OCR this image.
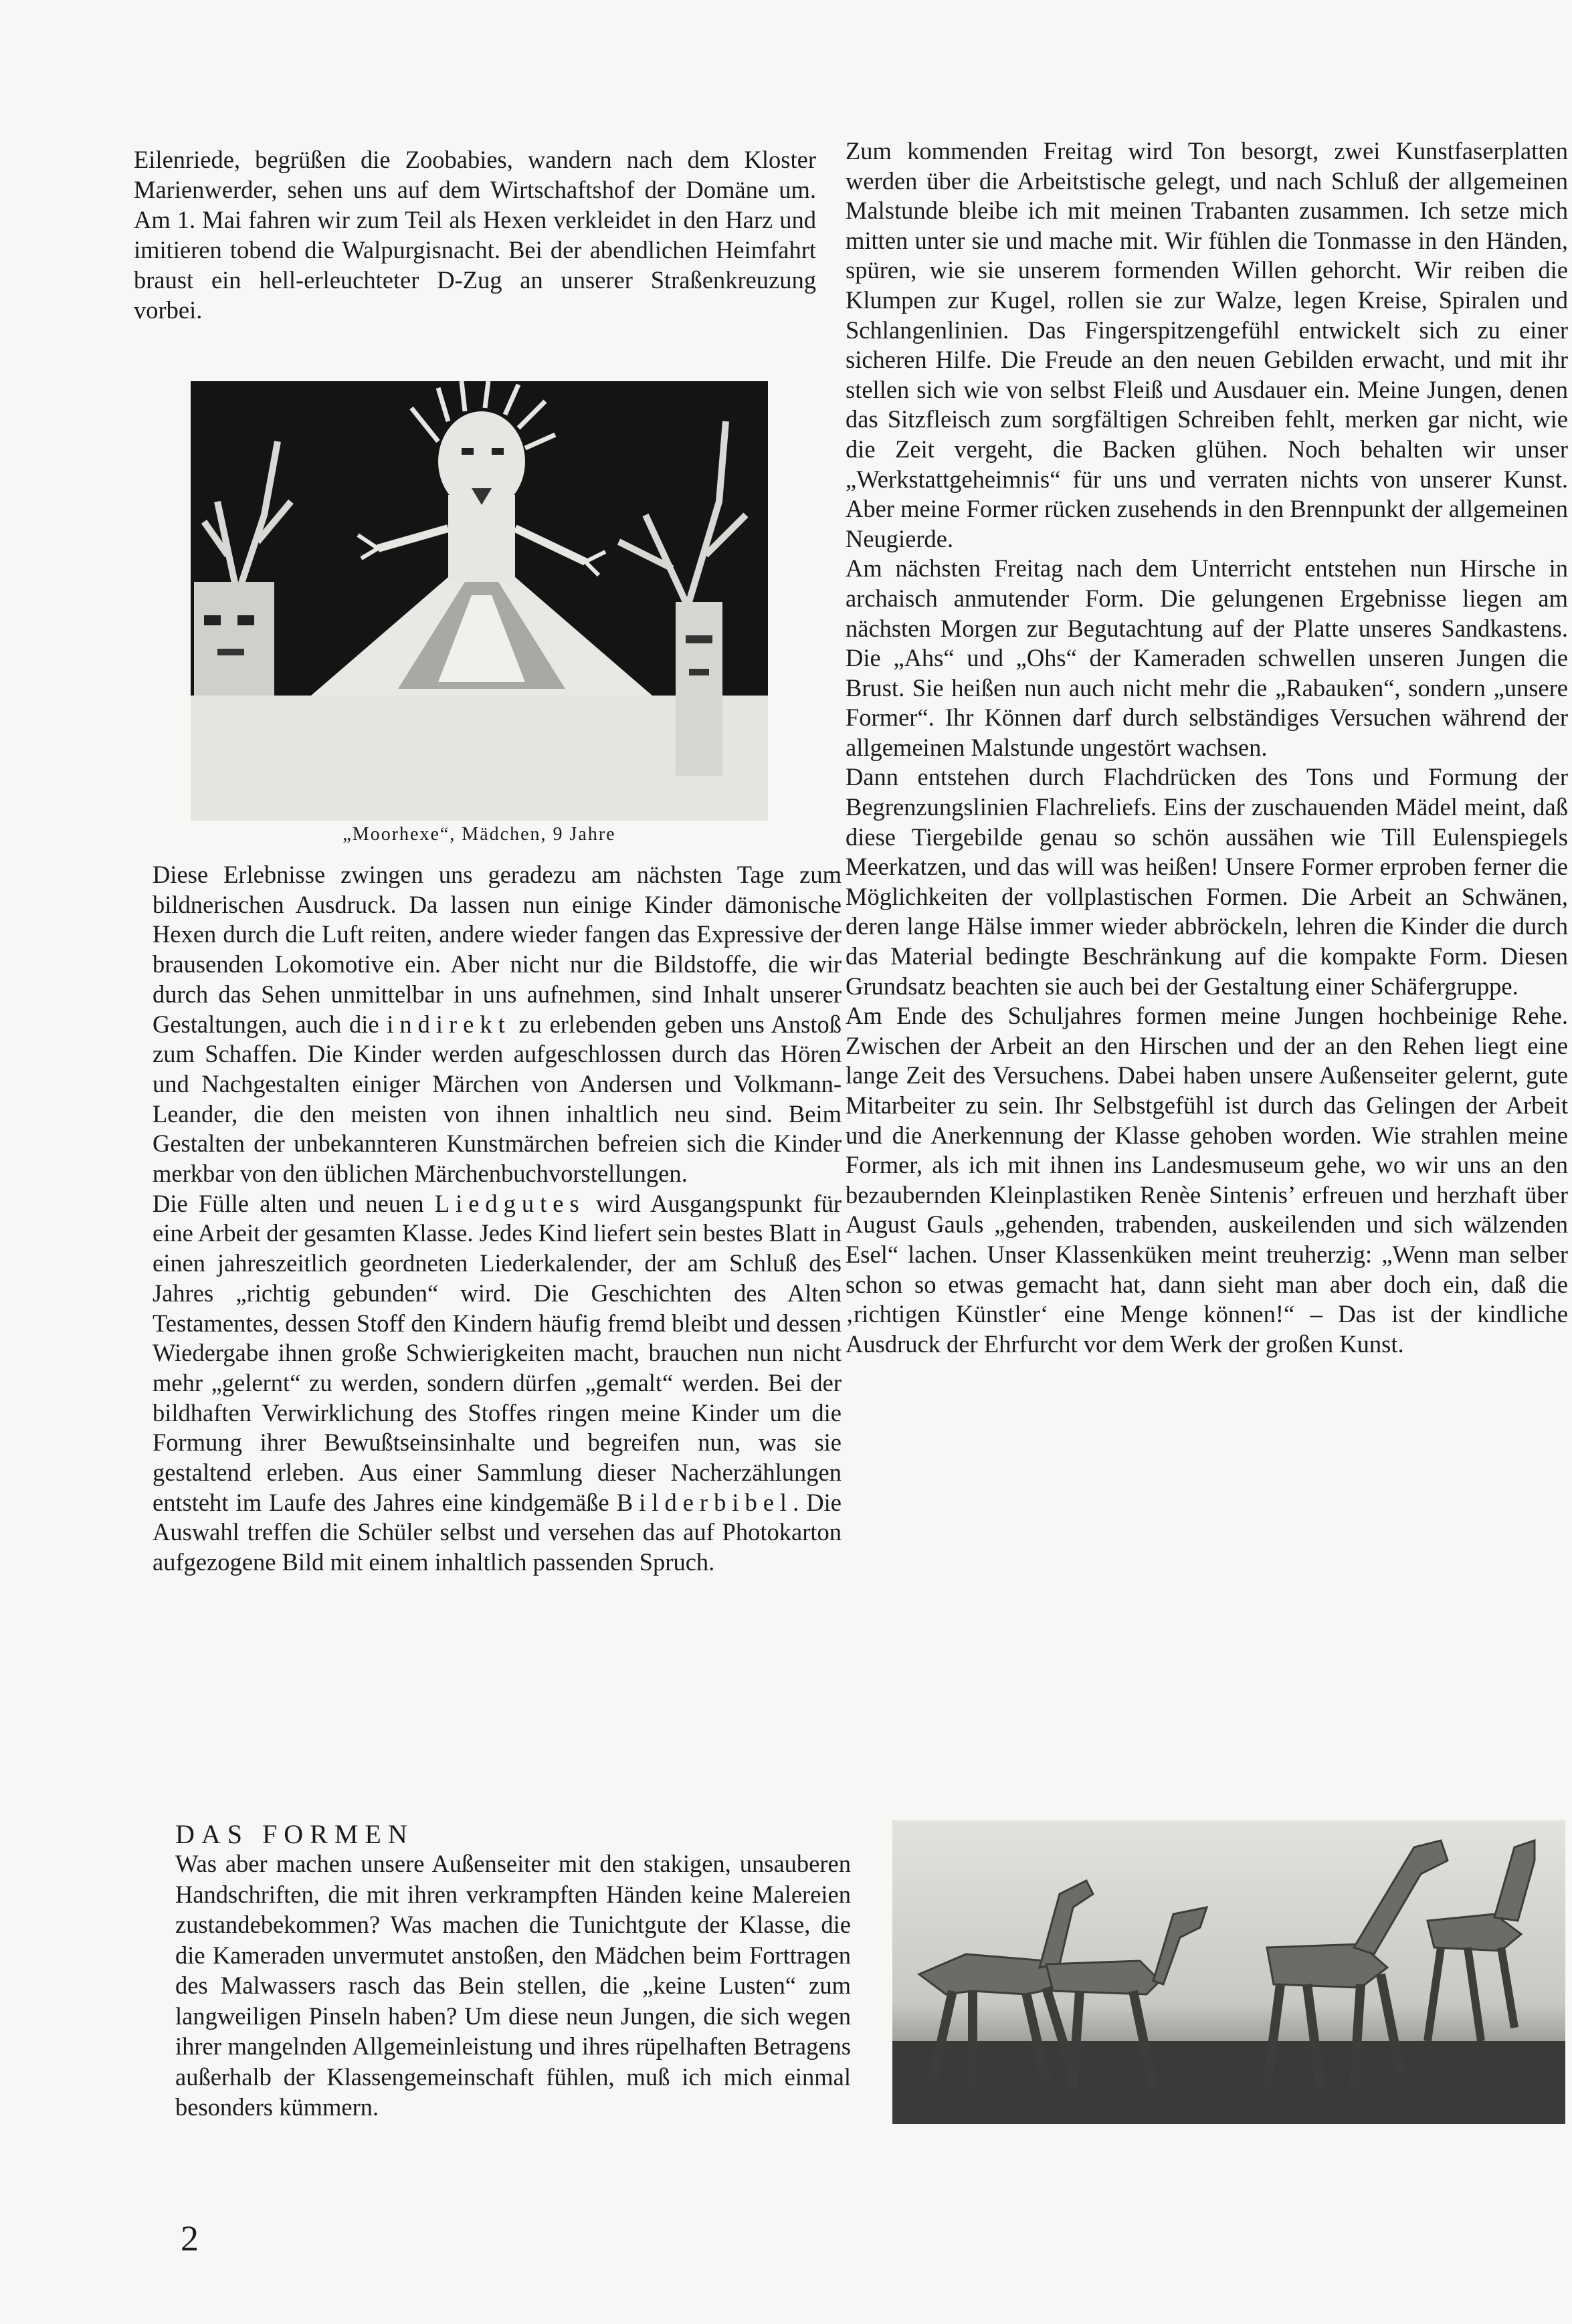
Eilenriede, begrüßen die Zoobabies, wandern nach dem Kloster Marienwerder, sehen uns auf dem Wirtschaftshof der Domäne um. Am 1. Mai fahren wir zum Teil als Hexen verkleidet in den Harz und imitieren tobend die Walpurgisnacht. Bei der abendlichen Heimfahrt braust ein hell-erleuchteter D-Zug an unserer Straßenkreuzung vorbei.

„Moorhexe“, Mädchen, 9 Jahre

Diese Erlebnisse zwingen uns geradezu am nächsten Tage zum bildnerischen Ausdruck. Da lassen nun einige Kinder dämonische Hexen durch die Luft reiten, andere wieder fangen das Expressive der brausenden Lokomotive ein. Aber nicht nur die Bildstoffe, die wir durch das Sehen unmittelbar in uns aufnehmen, sind Inhalt unserer Gestaltungen, auch die indirekt zu erlebenden geben uns Anstoß zum Schaffen. Die Kinder werden aufgeschlossen durch das Hören und Nachgestalten einiger Märchen von Andersen und Volkmann-Leander, die den meisten von ihnen inhaltlich neu sind. Beim Gestalten der unbekannteren Kunstmärchen befreien sich die Kinder merkbar von den üblichen Märchenbuchvorstellungen.

Die Fülle alten und neuen Liedgutes wird Ausgangspunkt für eine Arbeit der gesamten Klasse. Jedes Kind liefert sein bestes Blatt in einen jahreszeitlich geordneten Liederkalender, der am Schluß des Jahres „richtig gebunden“ wird. Die Geschichten des Alten Testamentes, dessen Stoff den Kindern häufig fremd bleibt und dessen Wiedergabe ihnen große Schwierigkeiten macht, brauchen nun nicht mehr „gelernt“ zu werden, sondern dürfen „gemalt“ werden. Bei der bildhaften Verwirklichung des Stoffes ringen meine Kinder um die Formung ihrer Bewußtseinsinhalte und begreifen nun, was sie gestaltend erleben. Aus einer Sammlung dieser Nacherzählungen entsteht im Laufe des Jahres eine kindgemäße Bilderbibel. Die Auswahl treffen die Schüler selbst und versehen das auf Photokarton aufgezogene Bild mit einem inhaltlich passenden Spruch.

DAS FORMEN
Was aber machen unsere Außenseiter mit den stakigen, unsauberen Handschriften, die mit ihren verkrampften Händen keine Malereien zustandebekommen? Was machen die Tunichtgute der Klasse, die die Kameraden unvermutet anstoßen, den Mädchen beim Forttragen des Malwassers rasch das Bein stellen, die „keine Lusten“ zum langweiligen Pinseln haben? Um diese neun Jungen, die sich wegen ihrer mangelnden Allgemeinleistung und ihres rüpelhaften Betragens außerhalb der Klassengemeinschaft fühlen, muß ich mich einmal besonders kümmern.

Zum kommenden Freitag wird Ton besorgt, zwei Kunstfaserplatten werden über die Arbeitstische gelegt, und nach Schluß der allgemeinen Malstunde bleibe ich mit meinen Trabanten zusammen. Ich setze mich mitten unter sie und mache mit. Wir fühlen die Tonmasse in den Händen, spüren, wie sie unserem formenden Willen gehorcht. Wir reiben die Klumpen zur Kugel, rollen sie zur Walze, legen Kreise, Spiralen und Schlangenlinien. Das Fingerspitzengefühl entwickelt sich zu einer sicheren Hilfe. Die Freude an den neuen Gebilden erwacht, und mit ihr stellen sich wie von selbst Fleiß und Ausdauer ein. Meine Jungen, denen das Sitzfleisch zum sorgfältigen Schreiben fehlt, merken gar nicht, wie die Zeit vergeht, die Backen glühen. Noch behalten wir unser „Werkstattgeheimnis“ für uns und verraten nichts von unserer Kunst. Aber meine Former rücken zusehends in den Brennpunkt der allgemeinen Neugierde.

Am nächsten Freitag nach dem Unterricht entstehen nun Hirsche in archaisch anmutender Form. Die gelungenen Ergebnisse liegen am nächsten Morgen zur Begutachtung auf der Platte unseres Sandkastens. Die „Ahs“ und „Ohs“ der Kameraden schwellen unseren Jungen die Brust. Sie heißen nun auch nicht mehr die „Rabauken“, sondern „unsere Former“. Ihr Können darf durch selbständiges Versuchen während der allgemeinen Malstunde ungestört wachsen.

Dann entstehen durch Flachdrücken des Tons und Formung der Begrenzungslinien Flachreliefs. Eins der zuschauenden Mädel meint, daß diese Tiergebilde genau so schön aussähen wie Till Eulenspiegels Meerkatzen, und das will was heißen! Unsere Former erproben ferner die Möglichkeiten der vollplastischen Formen. Die Arbeit an Schwänen, deren lange Hälse immer wieder abbröckeln, lehren die Kinder die durch das Material bedingte Beschränkung auf die kompakte Form. Diesen Grundsatz beachten sie auch bei der Gestaltung einer Schäfergruppe.

Am Ende des Schuljahres formen meine Jungen hochbeinige Rehe. Zwischen der Arbeit an den Hirschen und der an den Rehen liegt eine lange Zeit des Versuchens. Dabei haben unsere Außenseiter gelernt, gute Mitarbeiter zu sein. Ihr Selbstgefühl ist durch das Gelingen der Arbeit und die Anerkennung der Klasse gehoben worden. Wie strahlen meine Former, als ich mit ihnen ins Landesmuseum gehe, wo wir uns an den bezaubernden Kleinplastiken Renèe Sintenis’ erfreuen und herzhaft über August Gauls „gehenden, trabenden, auskeilenden und sich wälzenden Esel“ lachen. Unser Klassenküken meint treuherzig: „Wenn man selber schon so etwas gemacht hat, dann sieht man aber doch ein, daß die ‚richtigen Künstler‘ eine Menge können!“ – Das ist der kindliche Ausdruck der Ehrfurcht vor dem Werk der großen Kunst.

2
